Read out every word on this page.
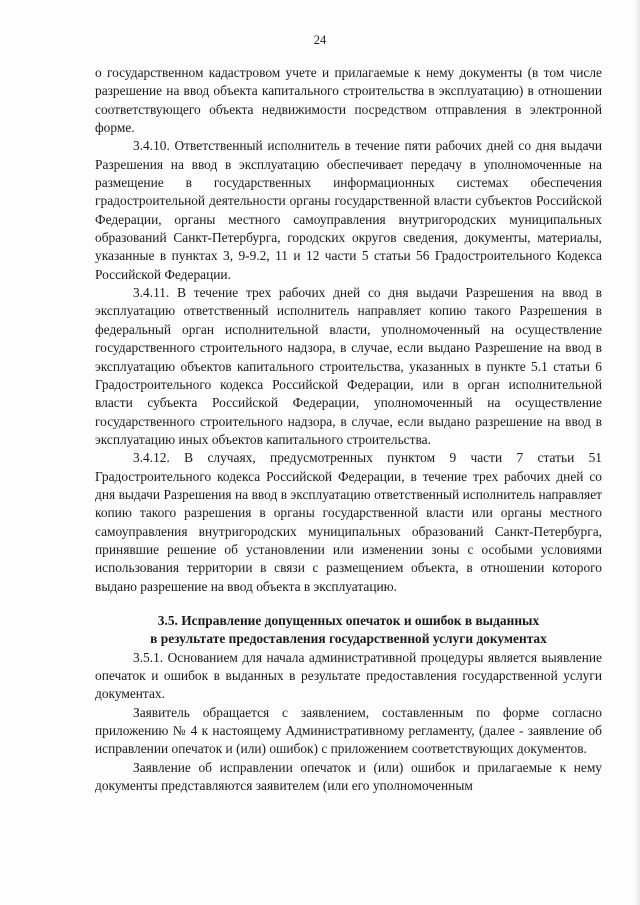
24

о государственном кадастровом учете и прилагаемые к нему документы (в том числе разрешение на ввод объекта капитального строительства в эксплуатацию) в отношении соответствующего объекта недвижимости посредством отправления в электронной форме.

3.4.10. Ответственный исполнитель в течение пяти рабочих дней со дня выдачи Разрешения на ввод в эксплуатацию обеспечивает передачу в уполномоченные на размещение в государственных информационных системах обеспечения градостроительной деятельности органы государственной власти субъектов Российской Федерации, органы местного самоуправления внутригородских муниципальных образований Санкт-Петербурга, городских округов сведения, документы, материалы, указанные в пунктах 3, 9-9.2, 11 и 12 части 5 статьи 56 Градостроительного Кодекса Российской Федерации.

3.4.11. В течение трех рабочих дней со дня выдачи Разрешения на ввод в эксплуатацию ответственный исполнитель направляет копию такого Разрешения в федеральный орган исполнительной власти, уполномоченный на осуществление государственного строительного надзора, в случае, если выдано Разрешение на ввод в эксплуатацию объектов капитального строительства, указанных в пункте 5.1 статьи 6 Градостроительного кодекса Российской Федерации, или в орган исполнительной власти субъекта Российской Федерации, уполномоченный на осуществление государственного строительного надзора, в случае, если выдано разрешение на ввод в эксплуатацию иных объектов капитального строительства.

3.4.12. В случаях, предусмотренных пунктом 9 части 7 статьи 51 Градостроительного кодекса Российской Федерации, в течение трех рабочих дней со дня выдачи Разрешения на ввод в эксплуатацию ответственный исполнитель направляет копию такого разрешения в органы государственной власти или органы местного самоуправления внутригородских муниципальных образований Санкт-Петербурга, принявшие решение об установлении или изменении зоны с особыми условиями использования территории в связи с размещением объекта, в отношении которого выдано разрешение на ввод объекта в эксплуатацию.

3.5. Исправление допущенных опечаток и ошибок в выданных
в результате предоставления государственной услуги документах

3.5.1. Основанием для начала административной процедуры является выявление опечаток и ошибок в выданных в результате предоставления государственной услуги документах.

Заявитель обращается с заявлением, составленным по форме согласно приложению № 4 к настоящему Административному регламенту, (далее - заявление об исправлении опечаток и (или) ошибок) с приложением соответствующих документов.

Заявление об исправлении опечаток и (или) ошибок и прилагаемые к нему документы представляются заявителем (или его уполномоченным
